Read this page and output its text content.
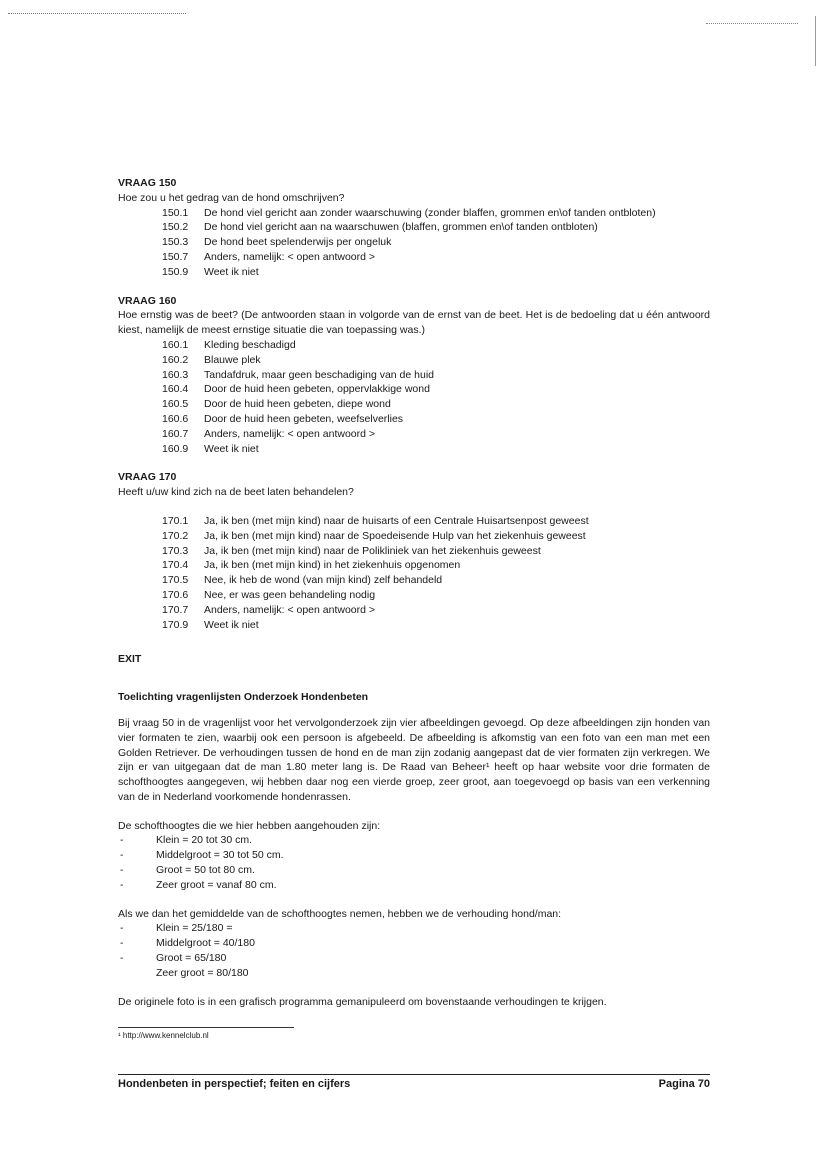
VRAAG 150

Hoe zou u het gedrag van de hond omschrijven?

150.1 De hond viel gericht aan zonder waarschuwing (zonder blaffen, grommen en\of tanden ontbloten)
150.2 De hond viel gericht aan na waarschuwen (blaffen, grommen en\of tanden ontbloten)
150.3 De hond beet spelenderwijs per ongeluk
150.7 Anders, namelijk: < open antwoord >
150.9 Weet ik niet

VRAAG 160

Hoe ernstig was de beet? (De antwoorden staan in volgorde van de ernst van de beet. Het is de bedoeling dat u één antwoord kiest, namelijk de meest ernstige situatie die van toepassing was.)

160.1 Kleding beschadigd
160.2 Blauwe plek
160.3 Tandafdruk, maar geen beschadiging van de huid
160.4 Door de huid heen gebeten, oppervlakkige wond
160.5 Door de huid heen gebeten, diepe wond
160.6 Door de huid heen gebeten, weefselverlies
160.7 Anders, namelijk: < open antwoord >
160.9 Weet ik niet

VRAAG 170

Heeft u/uw kind zich na de beet laten behandelen?

170.1 Ja, ik ben (met mijn kind) naar de huisarts of een Centrale Huisartsenpost geweest
170.2 Ja, ik ben (met mijn kind) naar de Spoedeisende Hulp van het ziekenhuis geweest
170.3 Ja, ik ben (met mijn kind) naar de Polikliniek van het ziekenhuis geweest
170.4 Ja, ik ben (met mijn kind) in het ziekenhuis opgenomen
170.5 Nee, ik heb de wond (van mijn kind) zelf behandeld
170.6 Nee, er was geen behandeling nodig
170.7 Anders, namelijk: < open antwoord >
170.9 Weet ik niet

EXIT

Toelichting vragenlijsten Onderzoek Hondenbeten

Bij vraag 50 in de vragenlijst voor het vervolgonderzoek zijn vier afbeeldingen gevoegd. Op deze afbeeldingen zijn honden van vier formaten te zien, waarbij ook een persoon is afgebeeld. De afbeelding is afkomstig van een foto van een man met een Golden Retriever. De verhoudingen tussen de hond en de man zijn zodanig aangepast dat de vier formaten zijn verkregen. We zijn er van uitgegaan dat de man 1.80 meter lang is. De Raad van Beheer¹ heeft op haar website voor drie formaten de schofthoogtes aangegeven, wij hebben daar nog een vierde groep, zeer groot, aan toegevoegd op basis van een verkenning van de in Nederland voorkomende hondenrassen.

De schofthoogtes die we hier hebben aangehouden zijn:

-	Klein = 20 tot 30 cm.
-	Middelgroot = 30 tot 50 cm.
-	Groot = 50 tot 80 cm.
-	Zeer groot = vanaf 80 cm.

Als we dan het gemiddelde van de schofthoogtes nemen, hebben we de verhouding hond/man:

-	Klein = 25/180 =
-	Middelgroot = 40/180
-	Groot = 65/180
Zeer groot = 80/180

De originele foto is in een grafisch programma gemanipuleerd om bovenstaande verhoudingen te krijgen.

¹ http://www.kennelclub.nl
Hondenbeten in perspectief; feiten en cijfers	Pagina 70
